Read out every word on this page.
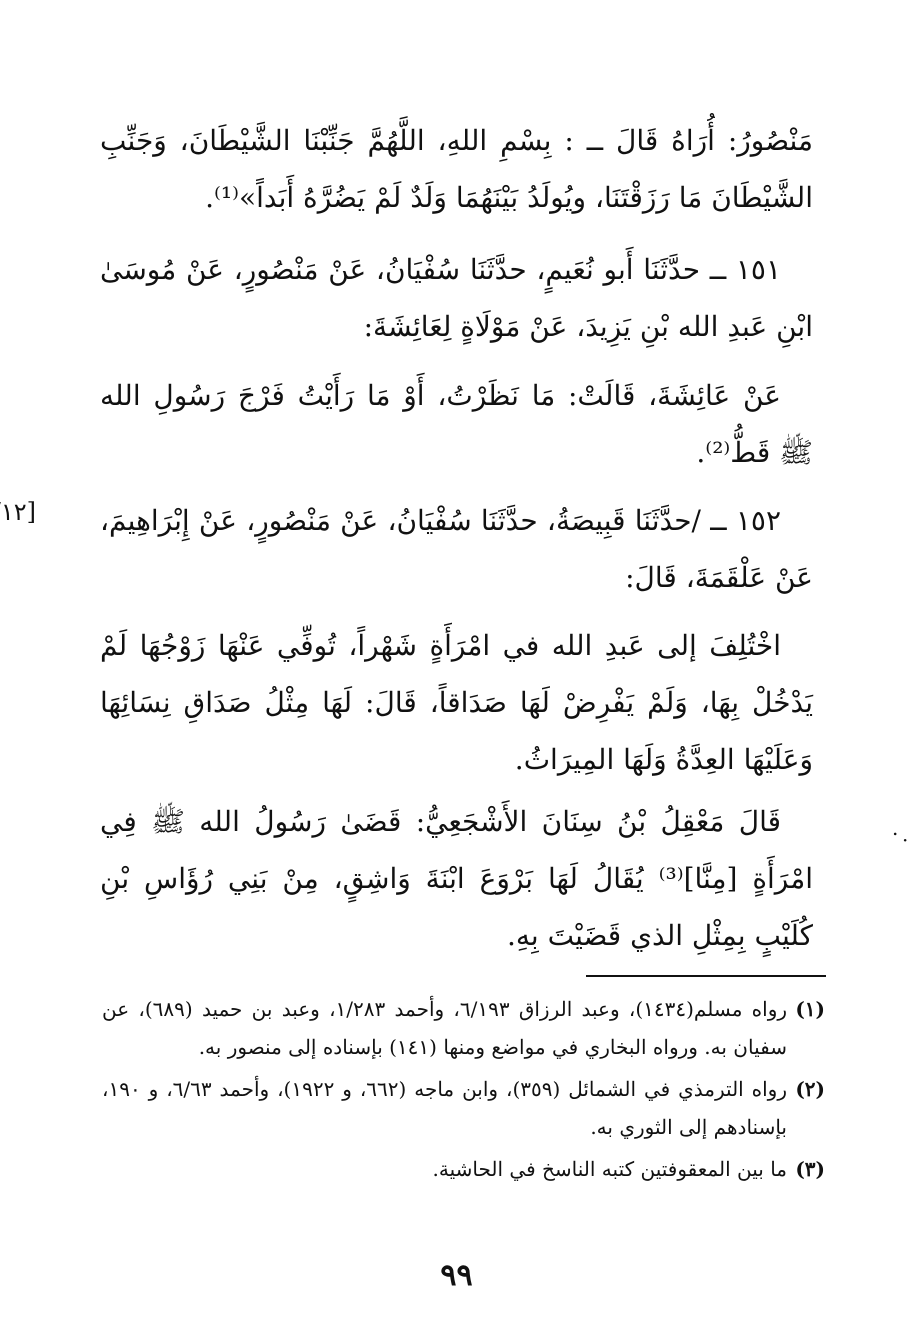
مَنْصُورُ: أُرَاهُ قَالَ ــ : بِسْمِ اللهِ، اللَّهُمَّ جَنِّبْنَا الشَّيْطَانَ، وَجَنِّبِ الشَّيْطَانَ مَا رَزَقْتَنَا، ويُولَدُ بَيْنَهُمَا وَلَدٌ لَمْ يَضُرَّهُ أَبَداً»⁽¹⁾.

١٥١ ــ حدَّثَنَا أَبو نُعَيمٍ، حدَّثَنَا سُفْيَانُ، عَنْ مَنْصُورٍ، عَنْ مُوسَىٰ ابْنِ عَبدِ الله بْنِ يَزِيدَ، عَنْ مَوْلَاةٍ لِعَائِشَةَ:

عَنْ عَائِشَةَ، قَالَتْ: مَا نَظَرْتُ، أَوْ مَا رَأَيْتُ فَرْجَ رَسُولِ الله ﷺ قَطُّ⁽²⁾.

١٥٢ ــ /حدَّثَنَا قَبِيصَةُ، حدَّثَنَا سُفْيَانُ، عَنْ مَنْصُورٍ، عَنْ إِبْرَاهِيمَ، عَنْ عَلْقَمَةَ، قَالَ:

[١٢

اخْتُلِفَ إلى عَبدِ الله في امْرَأَةٍ شَهْراً، تُوفِّي عَنْهَا زَوْجُهَا لَمْ يَدْخُلْ بِهَا، وَلَمْ يَفْرِضْ لَهَا صَدَاقاً، قَالَ: لَهَا مِثْلُ صَدَاقِ نِسَائِهَا وَعَلَيْهَا العِدَّةُ وَلَهَا المِيرَاثُ.

قَالَ مَعْقِلُ بْنُ سِنَانَ الأَشْجَعِيُّ: قَضَىٰ رَسُولُ الله ﷺ فِي امْرَأَةٍ [مِنَّا]⁽³⁾ يُقَالُ لَهَا بَرْوَعَ ابْنَةَ وَاشِقٍ، مِنْ بَنِي رُؤَاسِ بْنِ كُلَيْبٍ بِمِثْلِ الذي قَضَيْتَ بِهِ.

. ·
(١)
رواه مسلم(١٤٣٤)، وعبد الرزاق ٦/١٩٣، وأحمد ١/٢٨٣، وعبد بن حميد (٦٨٩)، عن سفيان به. ورواه البخاري في مواضع ومنها (١٤١) بإسناده إلى منصور به.
(٢)
رواه الترمذي في الشمائل (٣٥٩)، وابن ماجه (٦٦٢، و ١٩٢٢)، وأحمد ٦/٦٣، و ١٩٠، بإسنادهم إلى الثوري به.
(٣)
ما بين المعقوفتين كتبه الناسخ في الحاشية.
٩٩
